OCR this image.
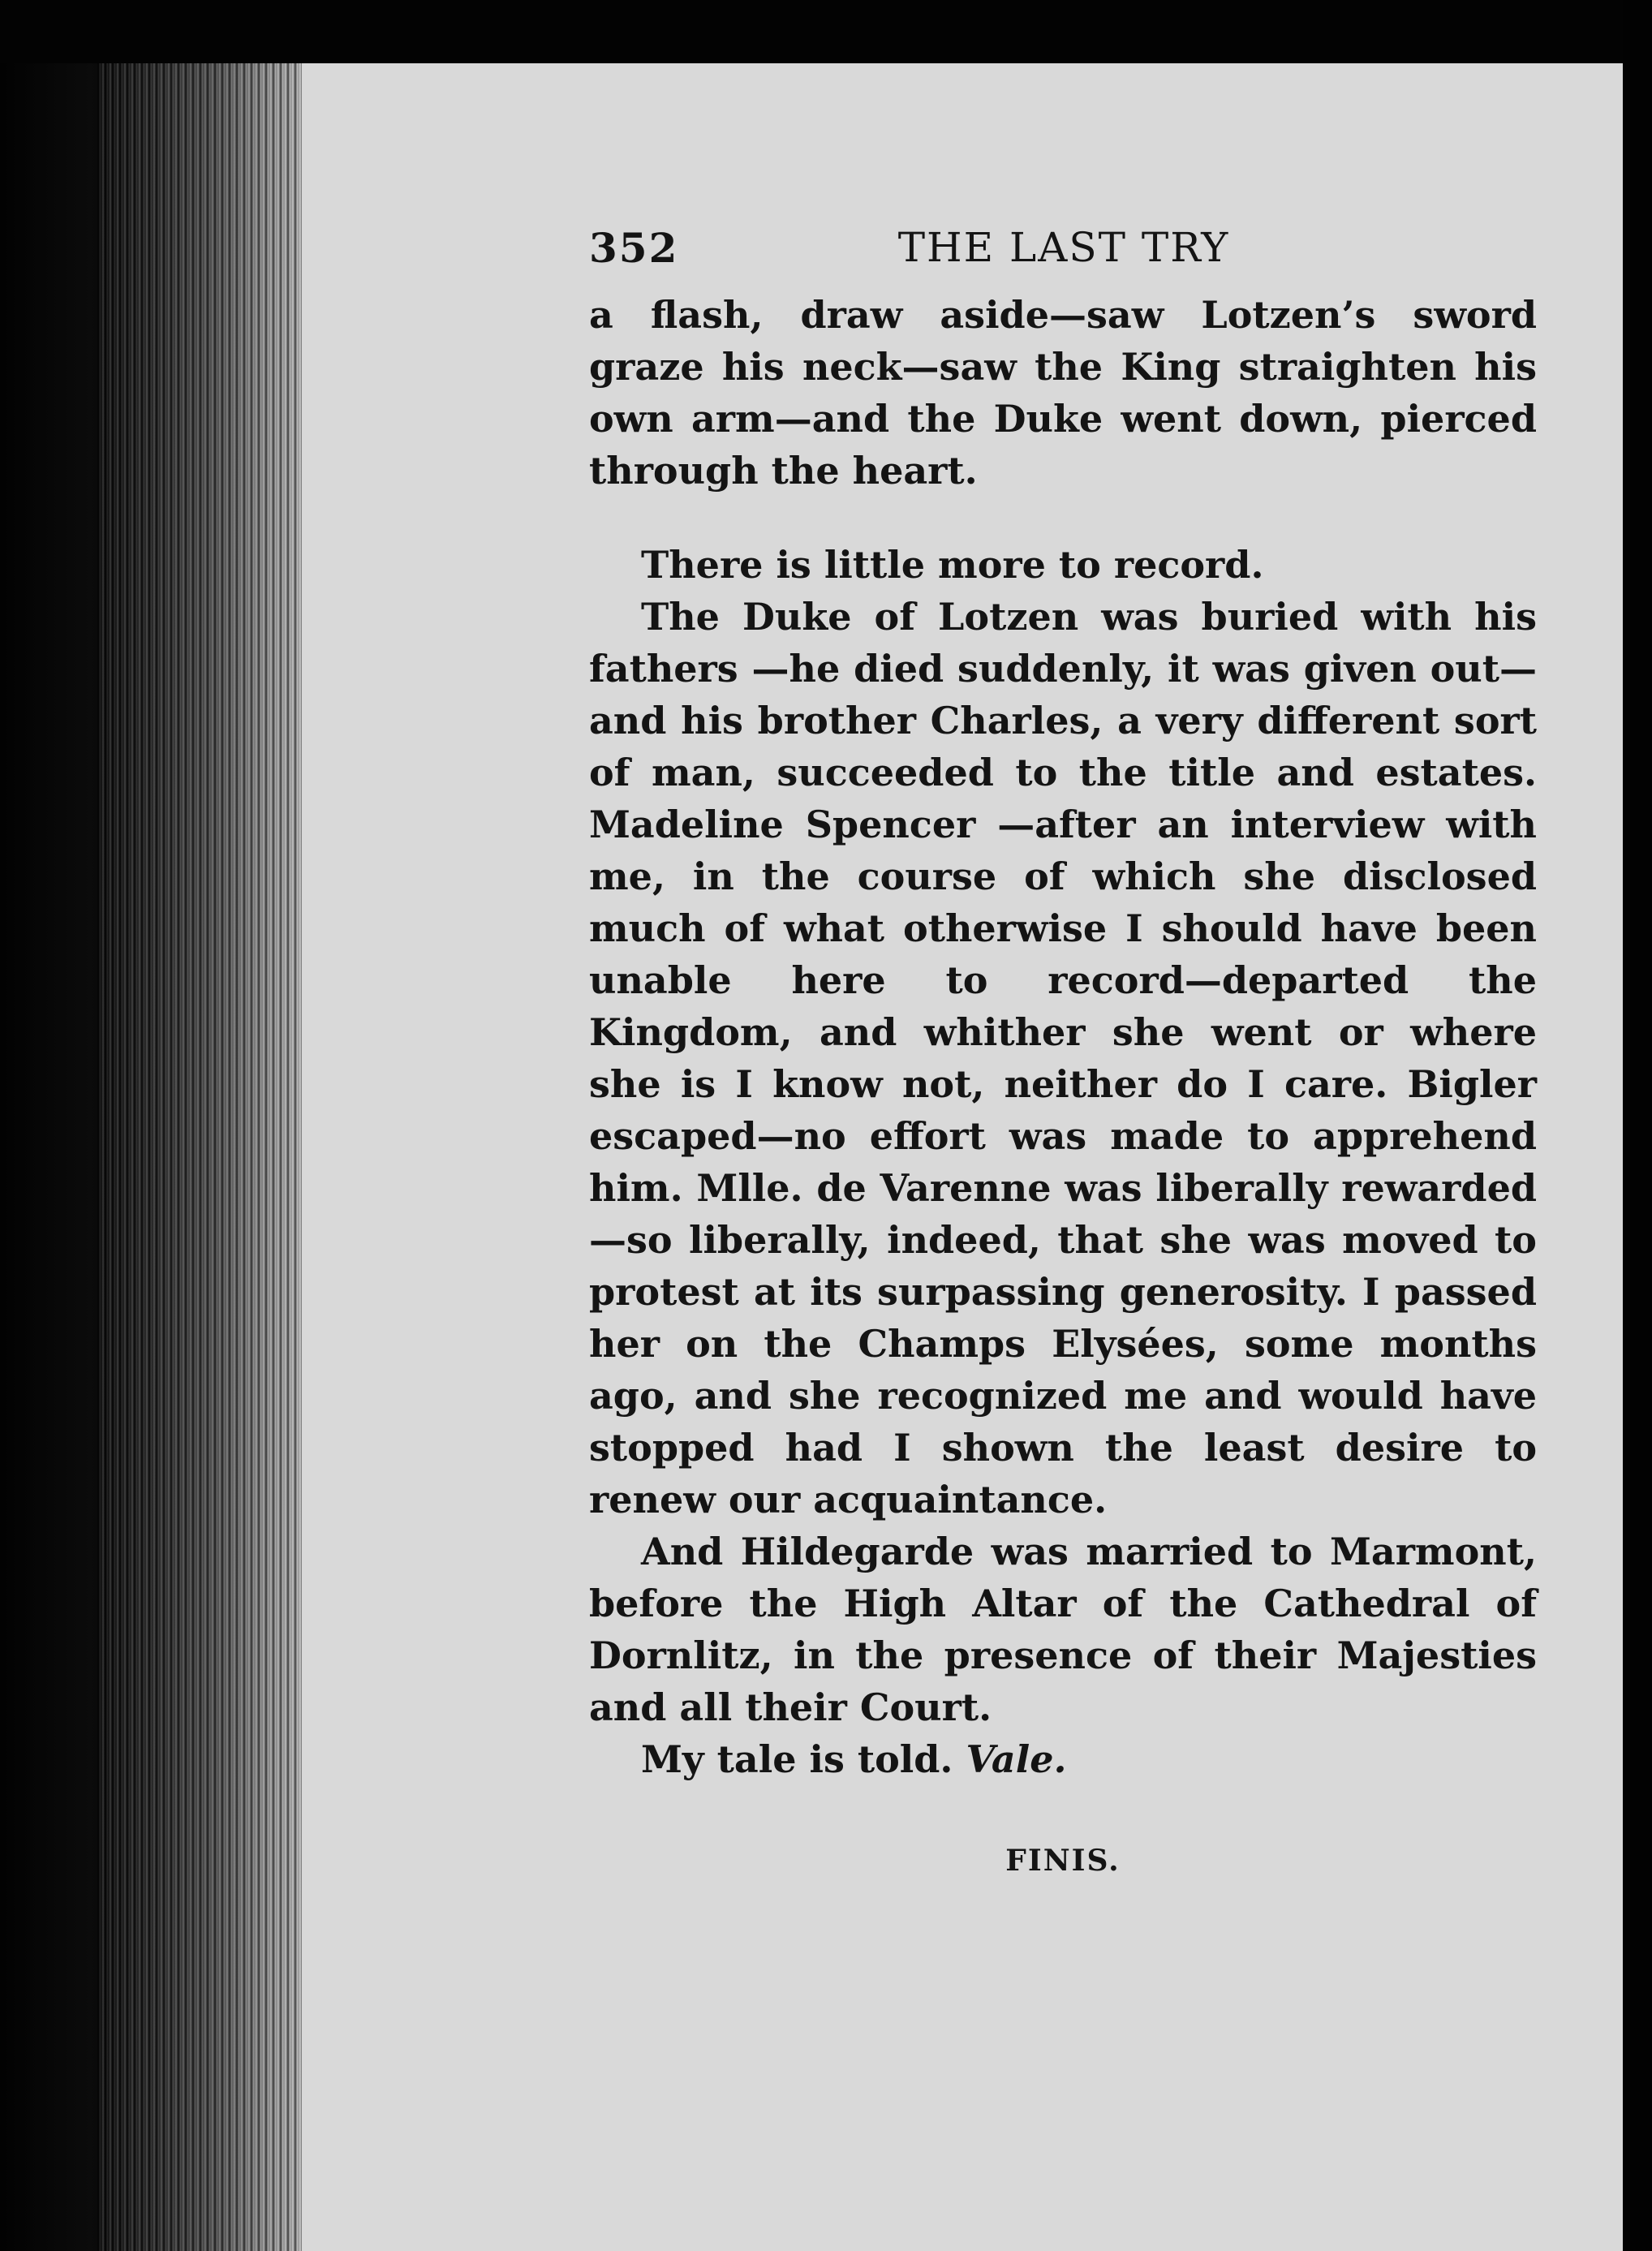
352	THE LAST TRY

a flash, draw aside—saw Lotzen’s sword graze his neck—saw the King straighten his own arm—and the Duke went down, pierced through the heart.

There is little more to record.

The Duke of Lotzen was buried with his fathers —he died suddenly, it was given out—and his brother Charles, a very different sort of man, succeeded to the title and estates. Madeline Spencer —after an interview with me, in the course of which she disclosed much of what otherwise I should have been unable here to record—departed the Kingdom, and whither she went or where she is I know not, neither do I care. Bigler escaped—no effort was made to apprehend him. Mlle. de Varenne was liberally rewarded—so liberally, indeed, that she was moved to protest at its surpassing generosity. I passed her on the Champs Elysées, some months ago, and she recognized me and would have stopped had I shown the least desire to renew our acquaintance.

And Hildegarde was married to Marmont, before the High Altar of the Cathedral of Dornlitz, in the presence of their Majesties and all their Court.

My tale is told. Vale.

FINIS.
